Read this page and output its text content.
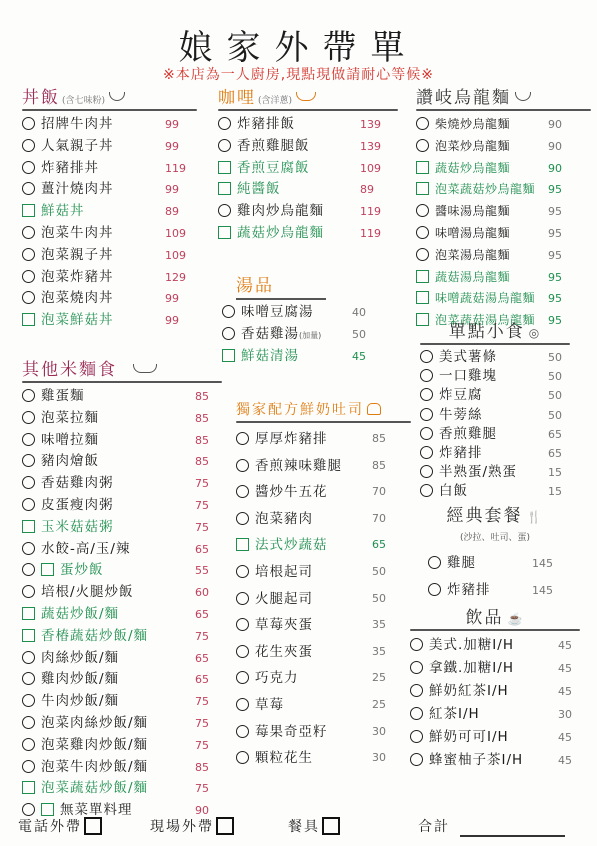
娘家外帶單
※本店為一人廚房,現點現做請耐心等候※
丼飯 (含七味粉)
招牌牛肉丼	99
人氣親子丼	99
炸豬排丼	119
薑汁燒肉丼	99
鮮菇丼	89
泡菜牛肉丼	109
泡菜親子丼	109
泡菜炸豬丼	129
泡菜燒肉丼	99
泡菜鮮菇丼	99
其他米麵食
雞蛋麵	85
泡菜拉麵	85
味噌拉麵	85
豬肉燴飯	85
香菇雞肉粥	75
皮蛋瘦肉粥	75
玉米菇菇粥	75
水餃-高/玉/辣	65
蛋炒飯	55
培根/火腿炒飯	60
蔬菇炒飯/麵	65
香椿蔬菇炒飯/麵	75
肉絲炒飯/麵	65
雞肉炒飯/麵	65
牛肉炒飯/麵	75
泡菜肉絲炒飯/麵	75
泡菜雞肉炒飯/麵	75
泡菜牛肉炒飯/麵	85
泡菜蔬菇炒飯/麵	75
無菜單料理	90
咖哩 (含洋蔥)
炸豬排飯	139
香煎雞腿飯	139
香煎豆腐飯	109
純醬飯	89
雞肉炒烏龍麵	119
蔬菇炒烏龍麵	119
湯品
味噌豆腐湯	40
香菇雞湯(加量)	50
鮮菇清湯	45
獨家配方鮮奶吐司
厚厚炸豬排	85
香煎辣味雞腿	85
醬炒牛五花	70
泡菜豬肉	70
法式炒蔬菇	65
培根起司	50
火腿起司	50
草莓夾蛋	35
花生夾蛋	35
巧克力	25
草莓	25
莓果奇亞籽	30
顆粒花生	30
讚岐烏龍麵
柴燒炒烏龍麵	90
泡菜炒烏龍麵	90
蔬菇炒烏龍麵	90
泡菜蔬菇炒烏龍麵 95
醬味湯烏龍麵	95
味噌湯烏龍麵	95
泡菜湯烏龍麵	95
蔬菇湯烏龍麵	95
味噌蔬菇湯烏龍麵 95
泡菜蔬菇湯烏龍麵 95
單點小食 ◎
美式薯條	50
一口雞塊	50
炸豆腐	50
牛蒡絲	50
香煎雞腿	65
炸豬排	65
半熟蛋/熟蛋	15
白飯	15
經典套餐 🍴
(沙拉、吐司、蛋)
雞腿	145
炸豬排	145
飲品 ☕
美式.加糖I/H	45
拿鐵.加糖I/H	45
鮮奶紅茶I/H	45
紅茶I/H	30
鮮奶可可I/H	45
蜂蜜柚子茶I/H	45
電話外帶	現場外帶	餐具	合計
